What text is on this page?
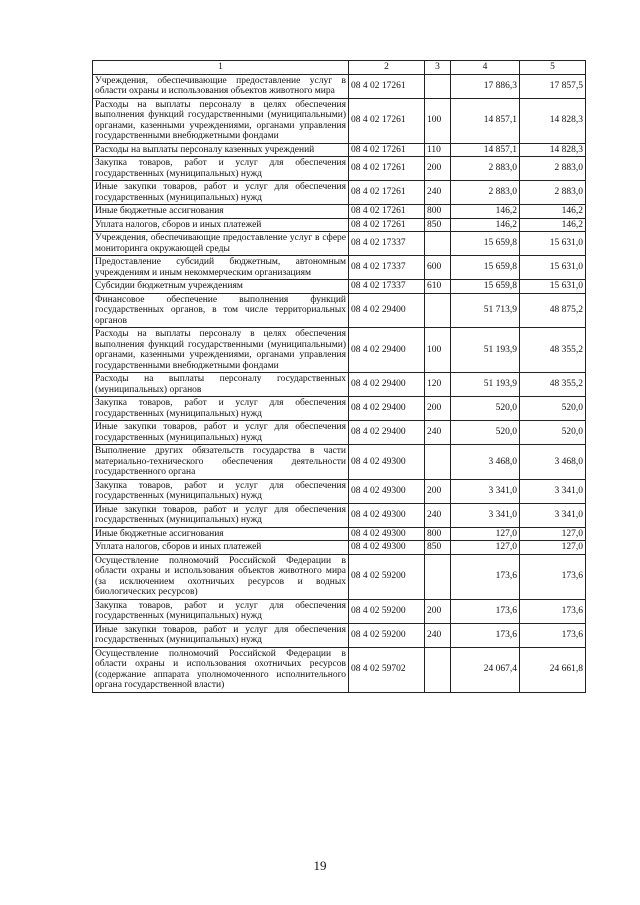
1	2	3	4	5
Учреждения, обеспечивающие предоставление услуг в области охраны и использования объектов животного мира	08 4 02 17261		17 886,3	17 857,5
Расходы на выплаты персоналу в целях обеспечения выполнения функций государственными (муниципальными) органами, казенными учреждениями, органами управления государственными внебюджетными фондами	08 4 02 17261	100	14 857,1	14 828,3
Расходы на выплаты персоналу казенных учреждений	08 4 02 17261	110	14 857,1	14 828,3
Закупка товаров, работ и услуг для обеспечения государственных (муниципальных) нужд	08 4 02 17261	200	2 883,0	2 883,0
Иные закупки товаров, работ и услуг для обеспечения государственных (муниципальных) нужд	08 4 02 17261	240	2 883,0	2 883,0
Иные бюджетные ассигнования	08 4 02 17261	800	146,2	146,2
Уплата налогов, сборов и иных платежей	08 4 02 17261	850	146,2	146,2
Учреждения, обеспечивающие предоставление услуг в сфере мониторинга окружающей среды	08 4 02 17337		15 659,8	15 631,0
Предоставление субсидий бюджетным, автономным учреждениям и иным некоммерческим организациям	08 4 02 17337	600	15 659,8	15 631,0
Субсидии бюджетным учреждениям	08 4 02 17337	610	15 659,8	15 631,0
Финансовое обеспечение выполнения функций государственных органов, в том числе территориальных органов	08 4 02 29400		51 713,9	48 875,2
Расходы на выплаты персоналу в целях обеспечения выполнения функций государственными (муниципальными) органами, казенными учреждениями, органами управления государственными внебюджетными фондами	08 4 02 29400	100	51 193,9	48 355,2
Расходы на выплаты персоналу государственных (муниципальных) органов	08 4 02 29400	120	51 193,9	48 355,2
Закупка товаров, работ и услуг для обеспечения государственных (муниципальных) нужд	08 4 02 29400	200	520,0	520,0
Иные закупки товаров, работ и услуг для обеспечения государственных (муниципальных) нужд	08 4 02 29400	240	520,0	520,0
Выполнение других обязательств государства в части материально-технического обеспечения деятельности государственного органа	08 4 02 49300		3 468,0	3 468,0
Закупка товаров, работ и услуг для обеспечения государственных (муниципальных) нужд	08 4 02 49300	200	3 341,0	3 341,0
Иные закупки товаров, работ и услуг для обеспечения государственных (муниципальных) нужд	08 4 02 49300	240	3 341,0	3 341,0
Иные бюджетные ассигнования	08 4 02 49300	800	127,0	127,0
Уплата налогов, сборов и иных платежей	08 4 02 49300	850	127,0	127,0
Осуществление полномочий Российской Федерации в области охраны и использования объектов животного мира (за исключением охотничьих ресурсов и водных биологических ресурсов)	08 4 02 59200		173,6	173,6
Закупка товаров, работ и услуг для обеспечения государственных (муниципальных) нужд	08 4 02 59200	200	173,6	173,6
Иные закупки товаров, работ и услуг для обеспечения государственных (муниципальных) нужд	08 4 02 59200	240	173,6	173,6
Осуществление полномочий Российской Федерации в области охраны и использования охотничьих ресурсов (содержание аппарата уполномоченного исполнительного органа государственной власти)	08 4 02 59702		24 067,4	24 661,8
19
